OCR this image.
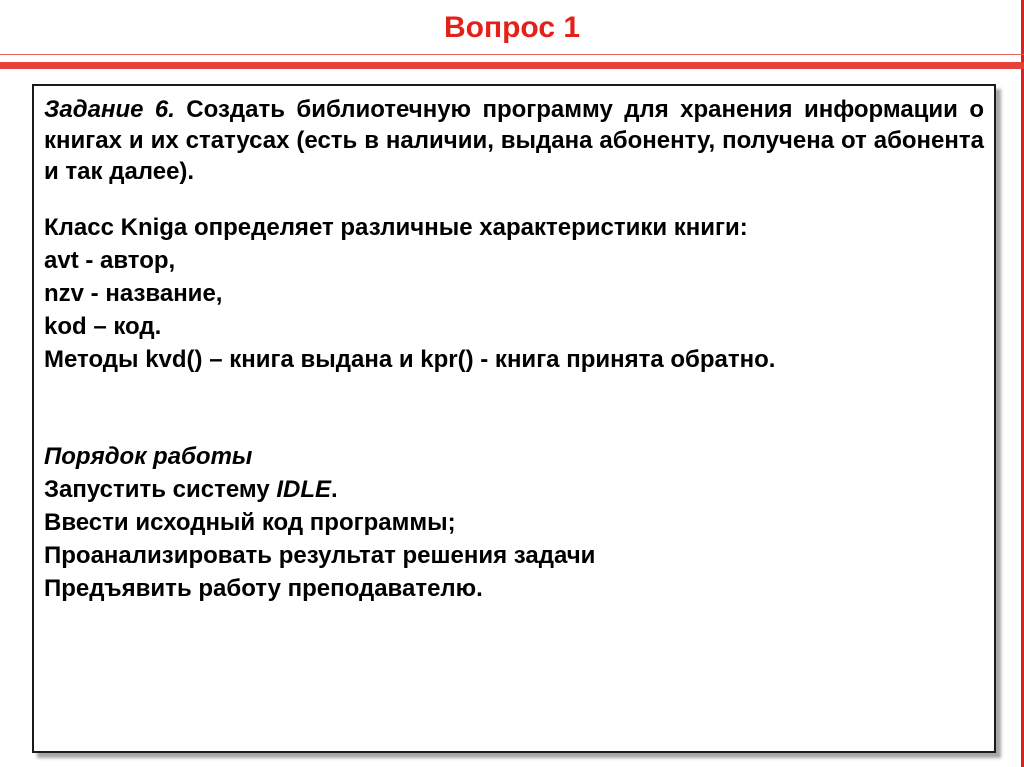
Вопрос 1

Задание 6. Создать библиотечную программу для хранения информации о книгах и их статусах (есть в наличии, выдана абоненту, получена от абонента и так далее).

Класс Kniga определяет различные характеристики книги:

avt - автор,

nzv - название,

kod – код.

Методы kvd() – книга выдана и kpr() - книга принята обратно.

Порядок работы

Запустить систему IDLE.

Ввести исходный код программы;

Проанализировать результат решения задачи

Предъявить работу преподавателю.
